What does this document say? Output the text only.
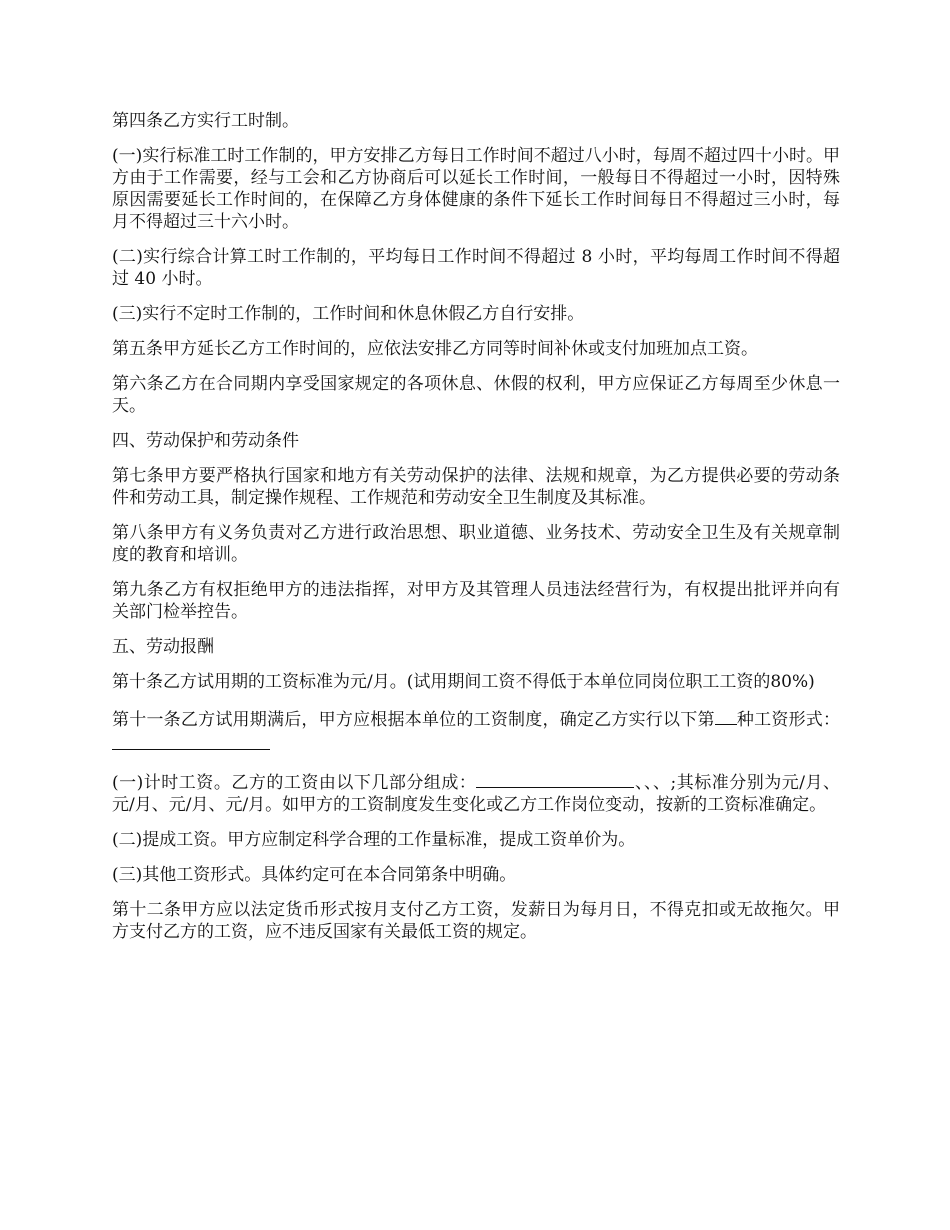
第四条乙方实行工时制。

(一)实行标准工时工作制的，甲方安排乙方每日工作时间不超过八小时，每周不超过四十小时。甲方由于工作需要，经与工会和乙方协商后可以延长工作时间，一般每日不得超过一小时，因特殊原因需要延长工作时间的，在保障乙方身体健康的条件下延长工作时间每日不得超过三小时，每月不得超过三十六小时。

(二)实行综合计算工时工作制的，平均每日工作时间不得超过 8 小时，平均每周工作时间不得超过 40 小时。

(三)实行不定时工作制的，工作时间和休息休假乙方自行安排。

第五条甲方延长乙方工作时间的，应依法安排乙方同等时间补休或支付加班加点工资。

第六条乙方在合同期内享受国家规定的各项休息、休假的权利，甲方应保证乙方每周至少休息一天。

四、劳动保护和劳动条件

第七条甲方要严格执行国家和地方有关劳动保护的法律、法规和规章，为乙方提供必要的劳动条件和劳动工具，制定操作规程、工作规范和劳动安全卫生制度及其标准。

第八条甲方有义务负责对乙方进行政治思想、职业道德、业务技术、劳动安全卫生及有关规章制度的教育和培训。

第九条乙方有权拒绝甲方的违法指挥，对甲方及其管理人员违法经营行为，有权提出批评并向有关部门检举控告。

五、劳动报酬

第十条乙方试用期的工资标准为元/月。(试用期间工资不得低于本单位同岗位职工工资的80%)

第十一条乙方试用期满后，甲方应根据本单位的工资制度，确定乙方实行以下第 种工资形式：

(一)计时工资。乙方的工资由以下几部分组成：	、、、;其标准分别为元/月、元/月、元/月、元/月。如甲方的工资制度发生变化或乙方工作岗位变动，按新的工资标准确定。

(二)提成工资。甲方应制定科学合理的工作量标准，提成工资单价为。

(三)其他工资形式。具体约定可在本合同第条中明确。

第十二条甲方应以法定货币形式按月支付乙方工资，发薪日为每月日，不得克扣或无故拖欠。甲方支付乙方的工资，应不违反国家有关最低工资的规定。
